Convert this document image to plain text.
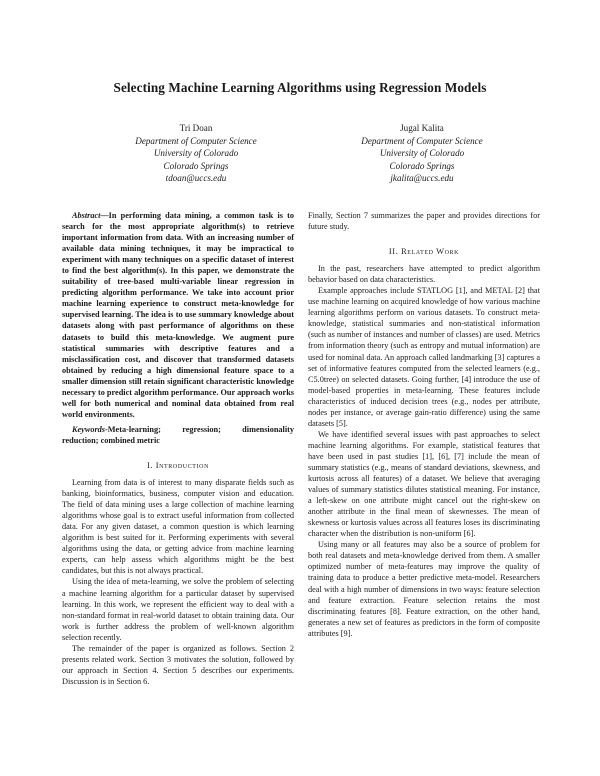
Selecting Machine Learning Algorithms using Regression Models
Tri Doan
Department of Computer Science
University of Colorado
Colorado Springs
tdoan@uccs.edu
Jugal Kalita
Department of Computer Science
University of Colorado
Colorado Springs
jkalita@uccs.edu

Abstract—In performing data mining, a common task is to search for the most appropriate algorithm(s) to retrieve important information from data. With an increasing number of available data mining techniques, it may be impractical to experiment with many techniques on a specific dataset of interest to find the best algorithm(s). In this paper, we demonstrate the suitability of tree-based multi-variable linear regression in predicting algorithm performance. We take into account prior machine learning experience to construct meta-knowledge for supervised learning. The idea is to use summary knowledge about datasets along with past performance of algorithms on these datasets to build this meta-knowledge. We augment pure statistical summaries with descriptive features and a misclassification cost, and discover that transformed datasets obtained by reducing a high dimensional feature space to a smaller dimension still retain significant characteristic knowledge necessary to predict algorithm performance. Our approach works well for both numerical and nominal data obtained from real world environments.

Keywords-Meta-learning; regression; dimensionality reduction; combined metric

I. Introduction

Learning from data is of interest to many disparate fields such as banking, bioinformatics, business, computer vision and education. The field of data mining uses a large collection of machine learning algorithms whose goal is to extract useful information from collected data. For any given dataset, a common question is which learning algorithm is best suited for it. Performing experiments with several algorithms using the data, or getting advice from machine learning experts, can help assess which algorithms might be the best candidates, but this is not always practical.

Using the idea of meta-learning, we solve the problem of selecting a machine learning algorithm for a particular dataset by supervised learning. In this work, we represent the efficient way to deal with a non-standard format in real-world dataset to obtain training data. Our work is further address the problem of well-known algorithm selection recently.

The remainder of the paper is organized as follows. Section 2 presents related work. Section 3 motivates the solution, followed by our approach in Section 4. Section 5 describes our experiments. Discussion is in Section 6.

Finally, Section 7 summarizes the paper and provides directions for future study.

II. Related Work

In the past, researchers have attempted to predict algorithm behavior based on data characteristics.

Example approaches include STATLOG [1], and METAL [2] that use machine learning on acquired knowledge of how various machine learning algorithms perform on various datasets. To construct meta-knowledge, statistical summaries and non-statistical information (such as number of instances and number of classes) are used. Metrics from information theory (such as entropy and mutual information) are used for nominal data. An approach called landmarking [3] captures a set of informative features computed from the selected learners (e.g., C5.0tree) on selected datasets. Going further, [4] introduce the use of model-based properties in meta-learning. These features include characteristics of induced decision trees (e.g., nodes per attribute, nodes per instance, or average gain-ratio difference) using the same datasets [5].

We have identified several issues with past approaches to select machine learning algorithms. For example, statistical features that have been used in past studies [1], [6], [7] include the mean of summary statistics (e.g., means of standard deviations, skewness, and kurtosis across all features) of a dataset. We believe that averaging values of summary statistics dilutes statistical meaning. For instance, a left-skew on one attribute might cancel out the right-skew on another attribute in the final mean of skewnesses. The mean of skewness or kurtosis values across all features loses its discriminating character when the distribution is non-uniform [6].

Using many or all features may also be a source of problem for both real datasets and meta-knowledge derived from them. A smaller optimized number of meta-features may improve the quality of training data to produce a better predictive meta-model. Researchers deal with a high number of dimensions in two ways: feature selection and feature extraction. Feature selection retains the most discriminating features [8]. Feature extraction, on the other hand, generates a new set of features as predictors in the form of composite attributes [9].
